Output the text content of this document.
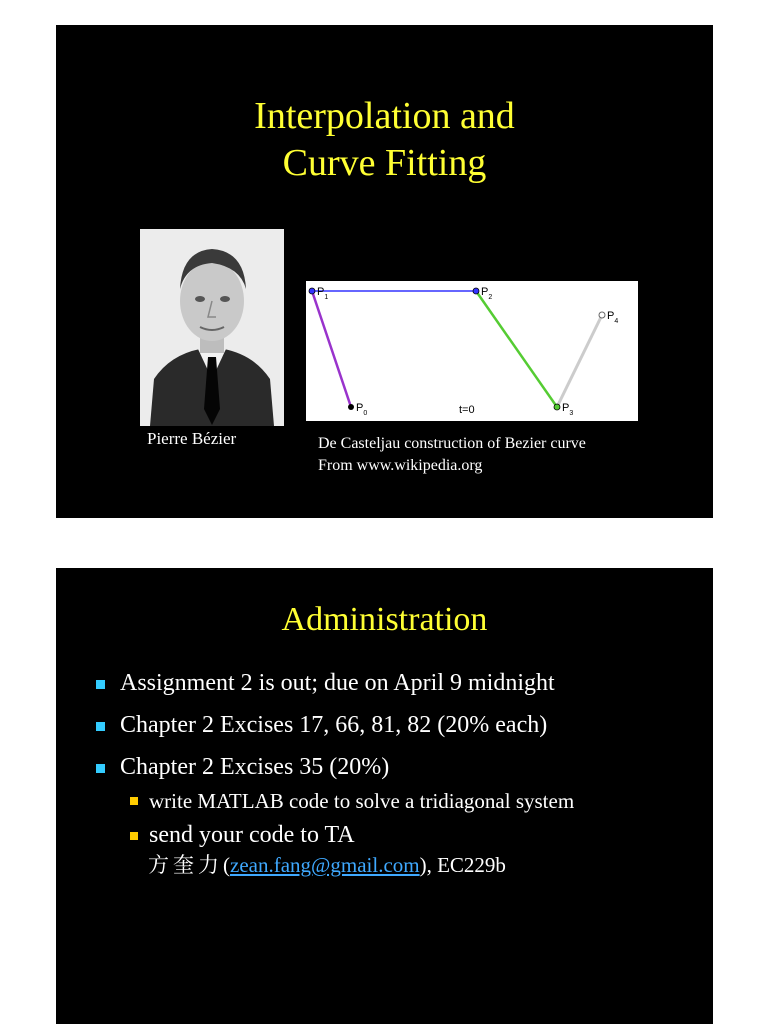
Interpolation and
Curve Fitting
Pierre Bézier
$P_0$
$P_1$	$P_2$
$P_3$
$P_4$
t=0
De Casteljau construction of Bezier curve
From www.wikipedia.org
Administration
Assignment 2 is out; due on April 9 midnight
Chapter 2 Excises 17, 66, 81, 82 (20% each)
Chapter 2 Excises 35 (20%)
write MATLAB code to solve a tridiagonal system
send your code to TA
方奎力(zean.fang@gmail.com), EC229b
